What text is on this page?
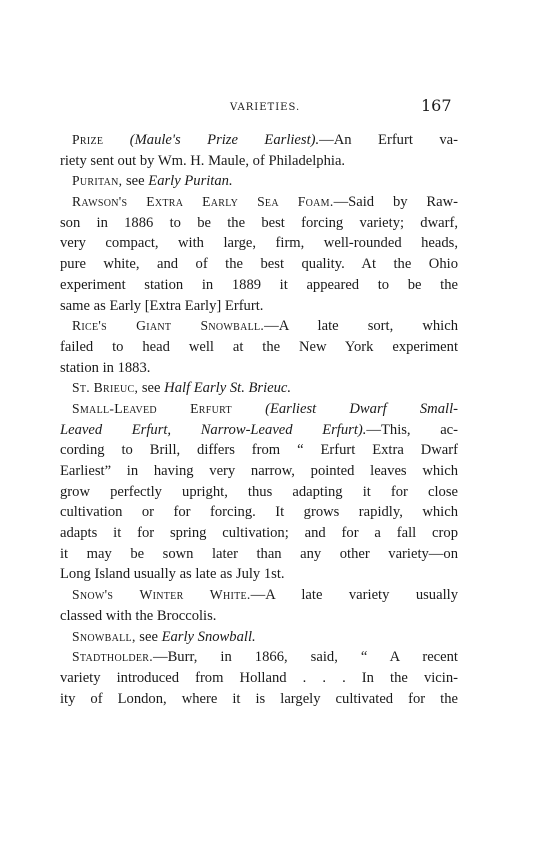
VARIETIES.	167
Prize (Maule's Prize Earliest).—An Erfurt va-
riety sent out by Wm. H. Maule, of Philadelphia.
Puritan, see Early Puritan.
Rawson's Extra Early Sea Foam.—Said by Raw-
son in 1886 to be the best forcing variety; dwarf,
very compact, with large, firm, well-rounded heads,
pure white, and of the best quality. At the Ohio
experiment station in 1889 it appeared to be the
same as Early [Extra Early] Erfurt.
Rice's Giant Snowball.—A late sort, which
failed to head well at the New York experiment
station in 1883.
St. Brieuc, see Half Early St. Brieuc.
Small-Leaved Erfurt (Earliest Dwarf Small-
Leaved Erfurt, Narrow-Leaved Erfurt).—This, ac-
cording to Brill, differs from “ Erfurt Extra Dwarf
Earliest” in having very narrow, pointed leaves which
grow perfectly upright, thus adapting it for close
cultivation or for forcing. It grows rapidly, which
adapts it for spring cultivation; and for a fall crop
it may be sown later than any other variety—on
Long Island usually as late as July 1st.
Snow's Winter White.—A late variety usually
classed with the Broccolis.
Snowball, see Early Snowball.
Stadtholder.—Burr, in 1866, said, “ A recent
variety introduced from Holland . . . In the vicin-
ity of London, where it is largely cultivated for the
